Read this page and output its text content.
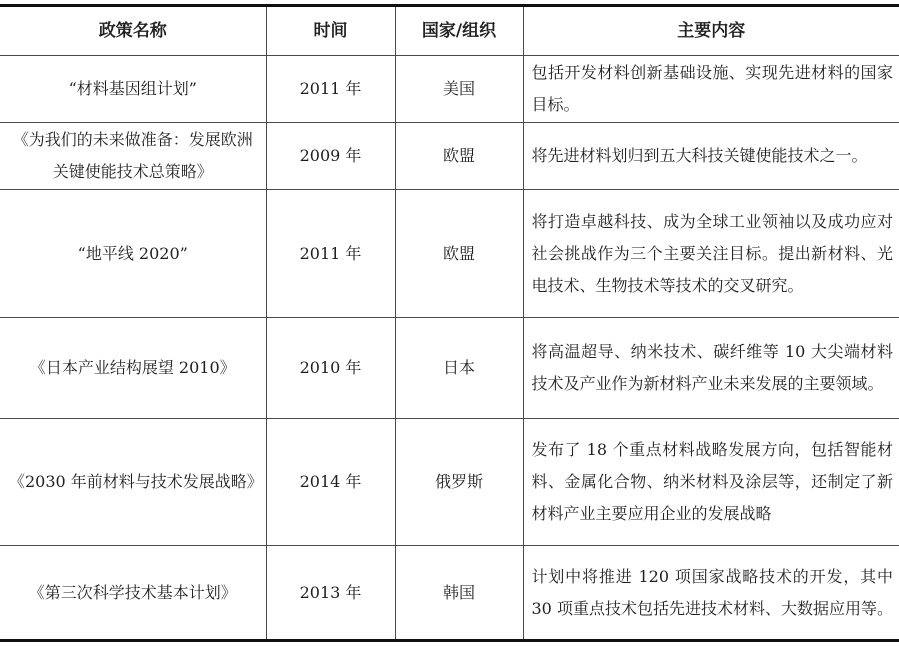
政策名称	时间	国家/组织	主要内容
“材料基因组计划”	2011 年	美国	包括开发材料创新基础设施、实现先进材料的国家目标。
《为我们的未来做准备：发展欧洲关键使能技术总策略》	2009 年	欧盟	将先进材料划归到五大科技关键使能技术之一。
“地平线 2020”	2011 年	欧盟	将打造卓越科技、成为全球工业领袖以及成功应对社会挑战作为三个主要关注目标。提出新材料、光电技术、生物技术等技术的交叉研究。
《日本产业结构展望 2010》	2010 年	日本	将高温超导、纳米技术、碳纤维等 10 大尖端材料技术及产业作为新材料产业未来发展的主要领域。
《2030 年前材料与技术发展战略》	2014 年	俄罗斯	发布了 18 个重点材料战略发展方向，包括智能材料、金属化合物、纳米材料及涂层等，还制定了新材料产业主要应用企业的发展战略
《第三次科学技术基本计划》	2013 年	韩国	计划中将推进 120 项国家战略技术的开发，其中 30 项重点技术包括先进技术材料、大数据应用等。
